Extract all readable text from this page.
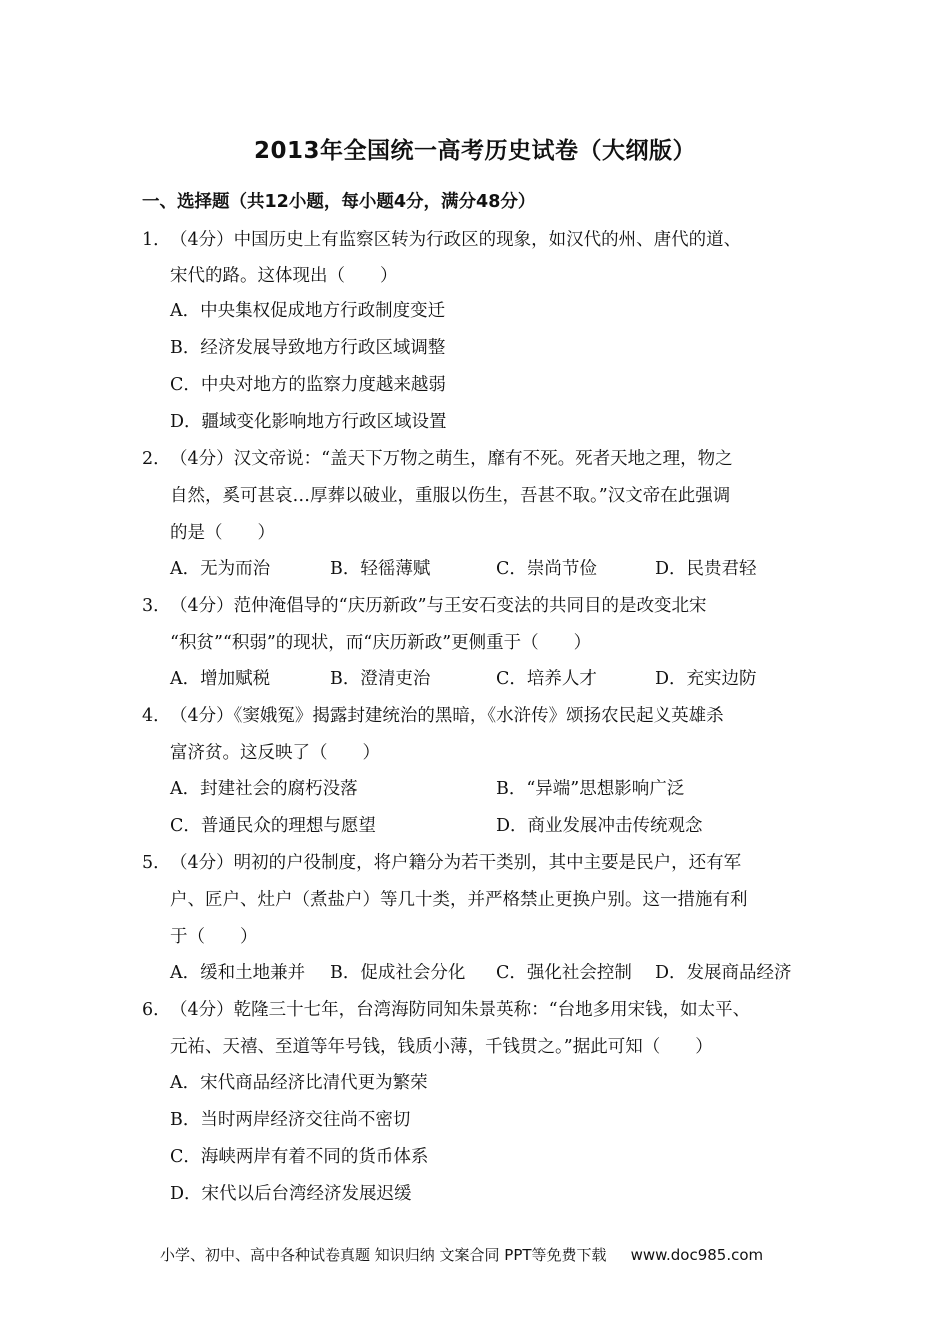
2013年全国统一高考历史试卷（大纲版）
一、选择题（共12小题，每小题4分，满分48分）
1． （4分）中国历史上有监察区转为行政区的现象，如汉代的州、唐代的道、
宋代的路。这体现出（　　）
A．中央集权促成地方行政制度变迁
B．经济发展导致地方行政区域调整
C．中央对地方的监察力度越来越弱
D．疆域变化影响地方行政区域设置
2． （4分）汉文帝说：“盖天下万物之萌生，靡有不死。死者天地之理，物之
自然，奚可甚哀…厚葬以破业，重服以伤生，吾甚不取。”汉文帝在此强调
的是（　　）
A．无为而治	B．轻徭薄赋	C．崇尚节俭	D．民贵君轻
3． （4分）范仲淹倡导的“庆历新政”与王安石变法的共同目的是改变北宋
“积贫”“积弱”的现状，而“庆历新政”更侧重于（　　）
A．增加赋税	B．澄清吏治	C．培养人才	D．充实边防
4． （4分）《窦娥冤》揭露封建统治的黑暗，《水浒传》颂扬农民起义英雄杀
富济贫。这反映了（　　）
A．封建社会的腐朽没落	B．“异端”思想影响广泛
C．普通民众的理想与愿望	D．商业发展冲击传统观念
5． （4分）明初的户役制度，将户籍分为若干类别，其中主要是民户，还有军
户、匠户、灶户（煮盐户）等几十类，并严格禁止更换户别。这一措施有利
于（　　）
A．缓和土地兼并 B．促成社会分化 C．强化社会控制 D．发展商品经济
6． （4分）乾隆三十七年，台湾海防同知朱景英称：“台地多用宋钱，如太平、
元祐、天禧、至道等年号钱，钱质小薄，千钱贯之。”据此可知（　　）
A．宋代商品经济比清代更为繁荣
B．当时两岸经济交往尚不密切
C．海峡两岸有着不同的货币体系
D．宋代以后台湾经济发展迟缓
小学、初中、高中各种试卷真题 知识归纳 文案合同 PPT等免费下载 www.doc985.com
